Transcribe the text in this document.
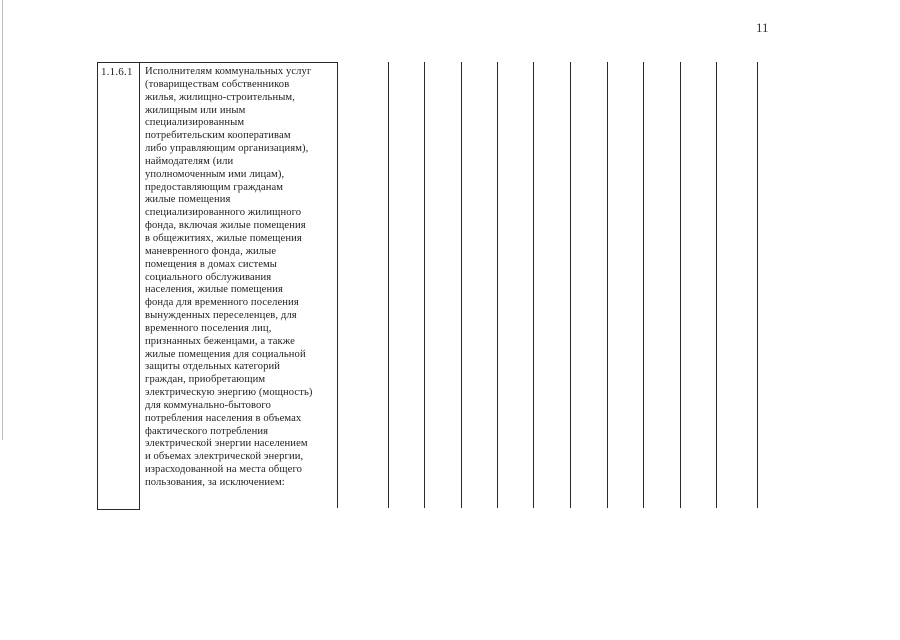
11
1.1.6.1 Исполнителям коммунальных услуг
(товариществам собственников
жилья, жилищно-строительным,
жилищным или иным
специализированным
потребительским кооперативам
либо управляющим организациям),
наймодателям (или
уполномоченным ими лицам),
предоставляющим гражданам
жилые помещения
специализированного жилищного
фонда, включая жилые помещения
в общежитиях, жилые помещения
маневренного фонда, жилые
помещения в домах системы
социального обслуживания
населения, жилые помещения
фонда для временного поселения
вынужденных переселенцев, для
временного поселения лиц,
признанных беженцами, а также
жилые помещения для социальной
защиты отдельных категорий
граждан, приобретающим
электрическую энергию (мощность)
для коммунально-бытового
потребления населения в объемах
фактического потребления
электрической энергии населением
и объемах электрической энергии,
израсходованной на места общего
пользования, за исключением:
